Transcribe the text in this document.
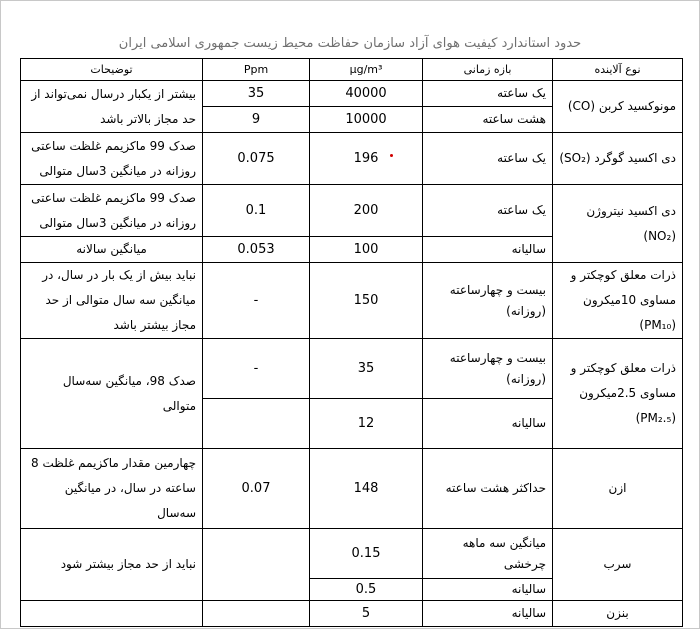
حدود استاندارد کیفیت هوای آزاد سازمان حفاظت محیط زیست جمهوری اسلامی ایران
نوع آلاینده	بازه زمانی	μg/m³	Ppm	توضیحات
مونوکسید کربن (CO)	یک ساعته	40000	35	بیشتر از یکبار درسال نمی‌تواند از حد مجاز بالاتر باشد
	هشت ساعته	10000	9	
دی اکسید گوگرد (SO₂)	یک ساعته	196	0.075	صدک 99 ماکزیمم غلظت ساعتی روزانه در میانگین 3سال متوالی
دی اکسید نیتروژن (NO₂)	یک ساعته	200	0.1	صدک 99 ماکزیمم غلظت ساعتی روزانه در میانگین 3سال متوالی
	سالیانه	100	0.053	میانگین سالانه
ذرات معلق کوچکتر و مساوی 10میکرون (PM₁₀)	بیست و چهارساعته (روزانه)	150	-	نباید بیش از یک بار در سال، در میانگین سه سال متوالی از حد مجاز بیشتر باشد
ذرات معلق کوچکتر و مساوی 2.5میکرون (PM₂.₅)	بیست و چهارساعته (روزانه)	35	-	صدک 98، میانگین سه‌سال متوالی
	سالیانه	12		
ازن	حداکثر هشت ساعته	148	0.07	چهارمین مقدار ماکزیمم غلظت 8 ساعته در سال، در میانگین سه‌سال
سرب	میانگین سه ماهه چرخشی	0.15		نباید از حد مجاز بیشتر شود
	سالیانه	0.5		
بنزن	سالیانه	5		
